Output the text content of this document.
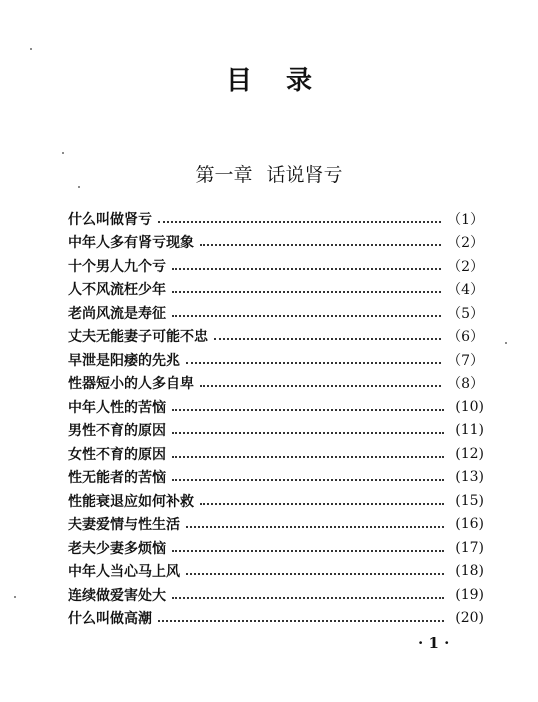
目录
第一章 话说肾亏
什么叫做肾亏	（1）
中年人多有肾亏现象	（2）
十个男人九个亏	（2）
人不风流枉少年	（4）
老尚风流是寿征	（5）
丈夫无能妻子可能不忠	（6）
早泄是阳痿的先兆	（7）
性器短小的人多自卑	（8）
中年人性的苦恼	(10)
男性不育的原因	(11)
女性不育的原因	(12)
性无能者的苦恼	(13)
性能衰退应如何补救	(15)
夫妻爱情与性生活	(16)
老夫少妻多烦恼	(17)
中年人当心马上风	(18)
连续做爱害处大	(19)
什么叫做高潮	(20)
· 1 ·
